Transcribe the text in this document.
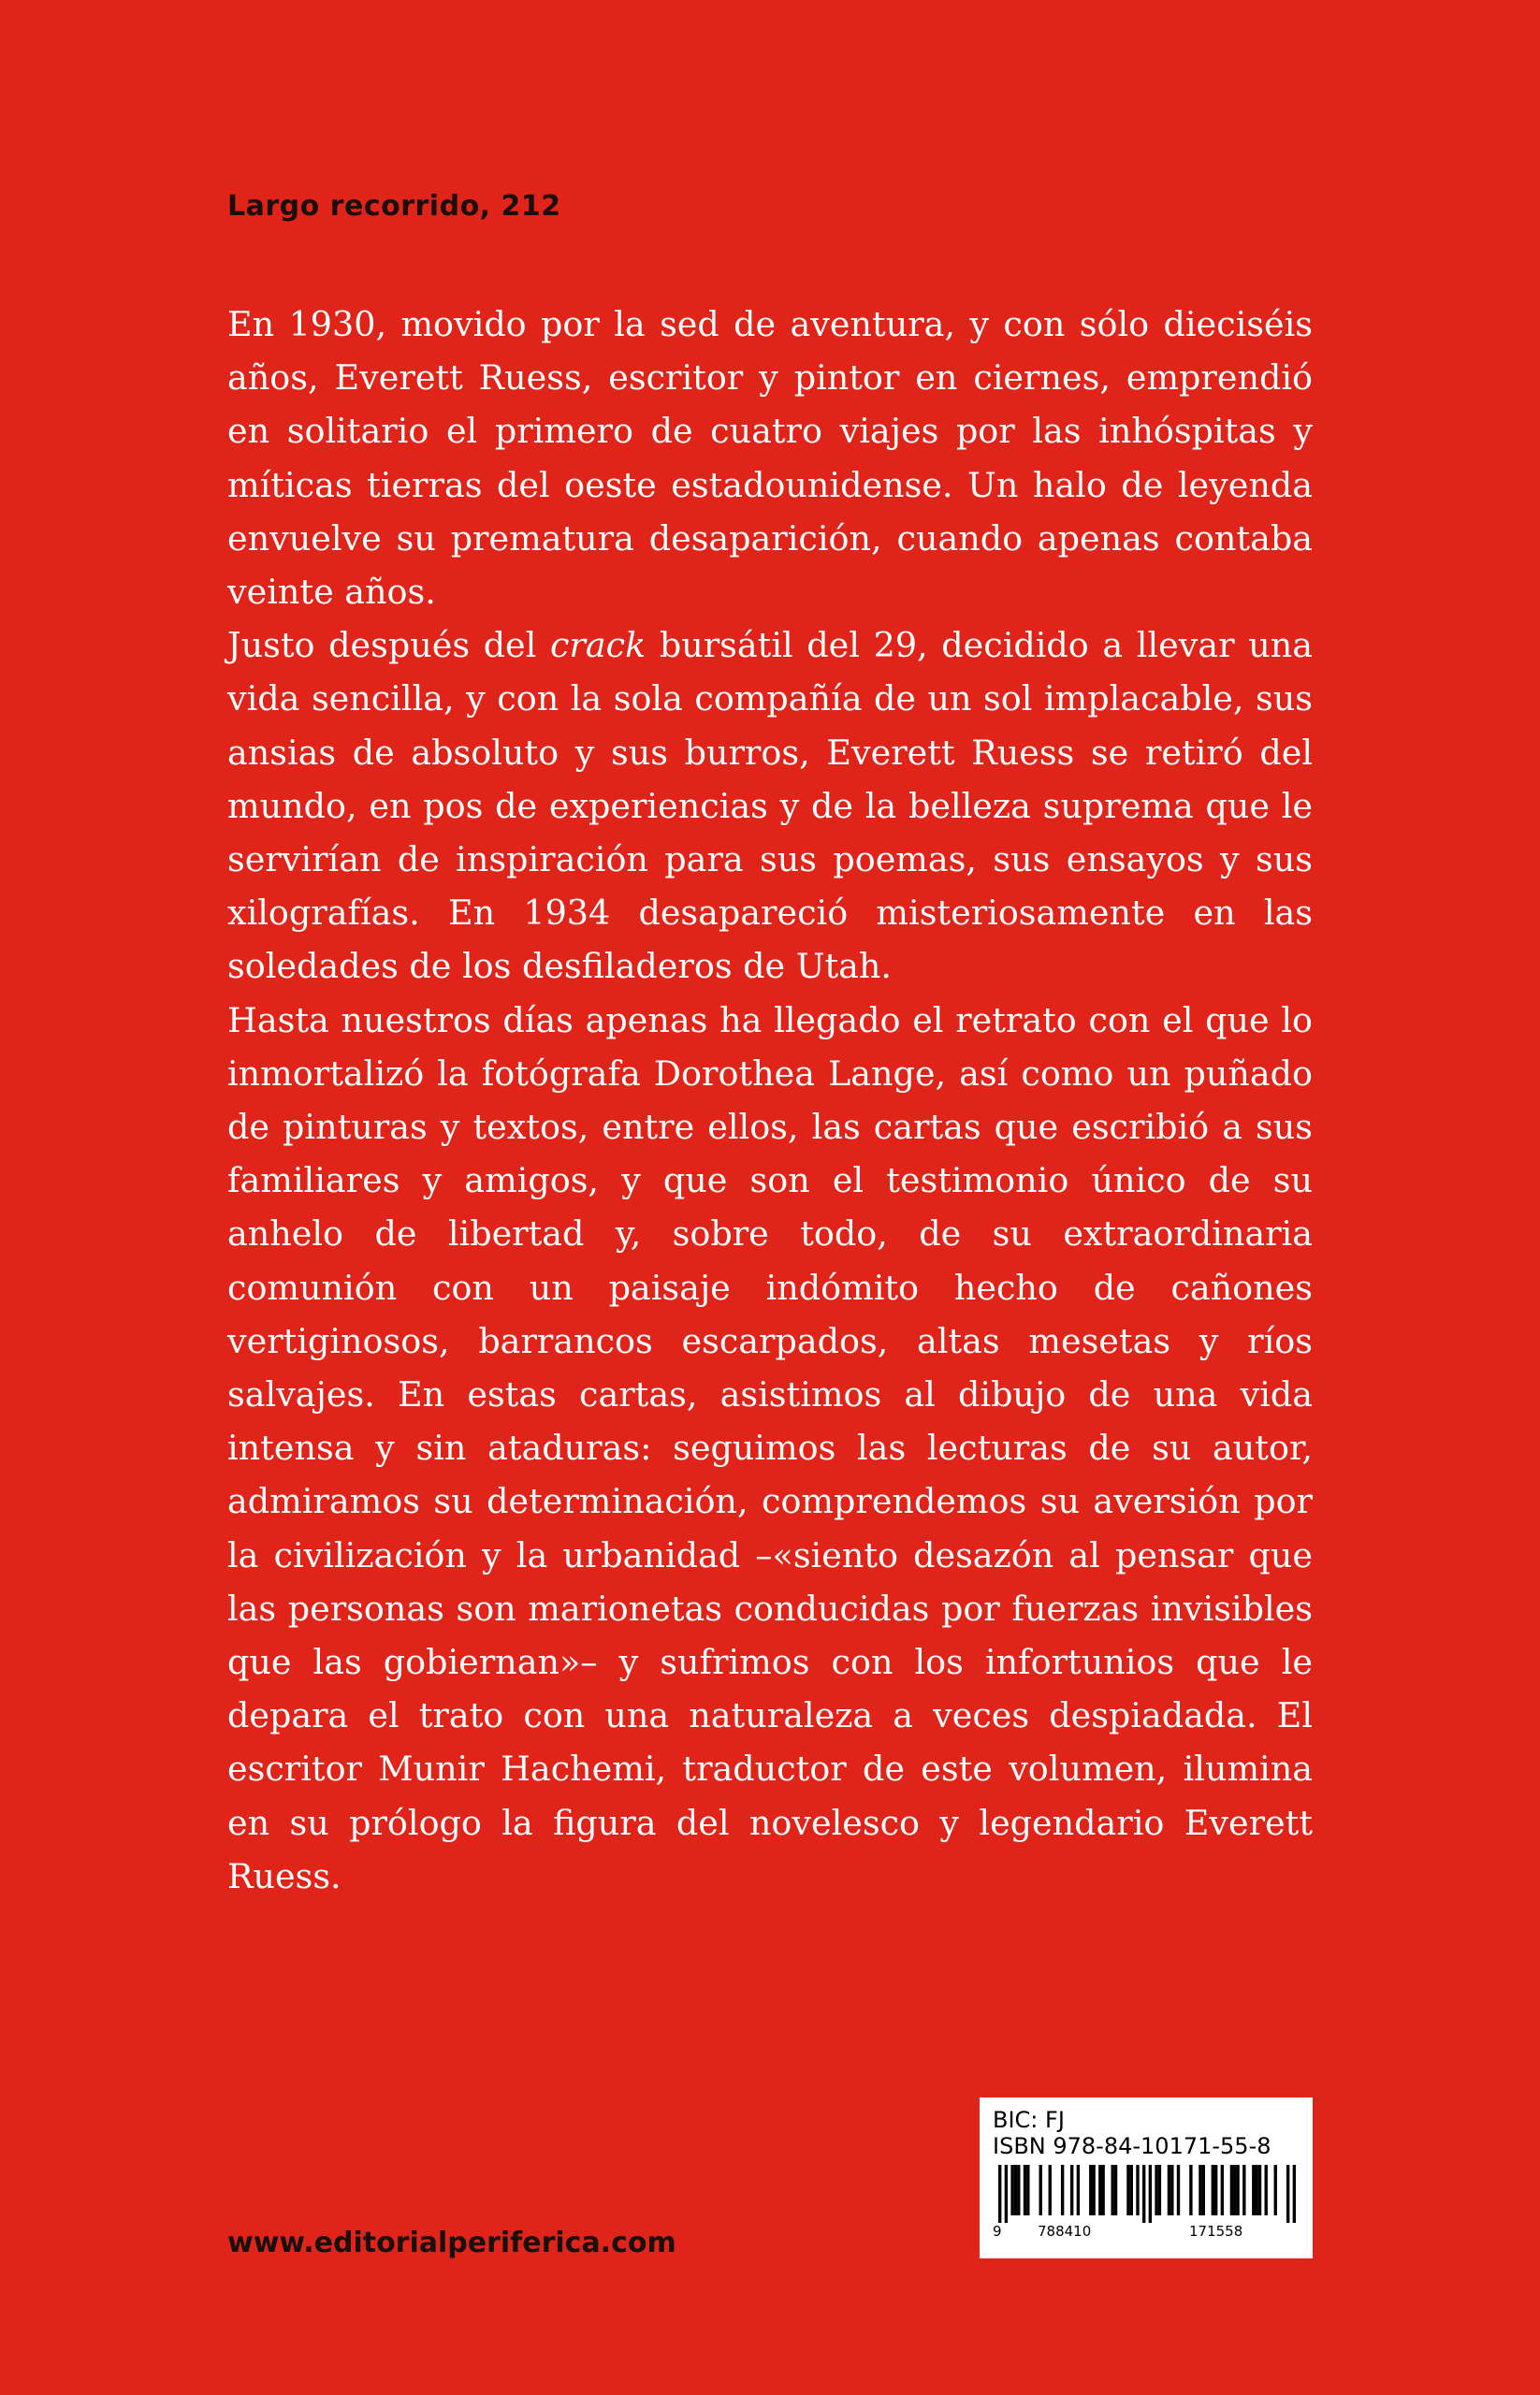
Largo recorrido, 212

En 1930, movido por la sed de aventura, y con sólo dieciséis años, Everett Ruess, escritor y pintor en ciernes, emprendió en solitario el primero de cuatro viajes por las inhóspitas y míticas tierras del oeste estadounidense. Un halo de leyenda envuelve su prematura desaparición, cuando apenas contaba veinte años.

Justo después del crack bursátil del 29, decidido a llevar una vida sencilla, y con la sola compañía de un sol implacable, sus ansias de absoluto y sus burros, Everett Ruess se retiró del mundo, en pos de experiencias y de la belleza suprema que le servirían de inspiración para sus poemas, sus ensayos y sus xilografías. En 1934 desapareció misteriosamente en las soledades de los desfiladeros de Utah.

Hasta nuestros días apenas ha llegado el retrato con el que lo inmortalizó la fotógrafa Dorothea Lange, así como un puñado de pinturas y textos, entre ellos, las cartas que escribió a sus familiares y amigos, y que son el testimonio único de su anhelo de libertad y, sobre todo, de su extraordinaria comunión con un paisaje indómito hecho de cañones vertiginosos, barrancos escarpados, altas mesetas y ríos salvajes. En estas cartas, asistimos al dibujo de una vida intensa y sin ataduras: seguimos las lecturas de su autor, admiramos su determinación, comprendemos su aversión por la civilización y la urbanidad –«siento desazón al pensar que las personas son marionetas conducidas por fuerzas invisibles que las gobiernan»– y sufrimos con los infortunios que le depara el trato con una naturaleza a veces despiadada. El escritor Munir Hachemi, traductor de este volumen, ilumina en su prólogo la figura del novelesco y legendario Everett Ruess.

BIC: FJ
ISBN 978-84-10171-55-8
9	788410	171558
www.editorialperiferica.com
